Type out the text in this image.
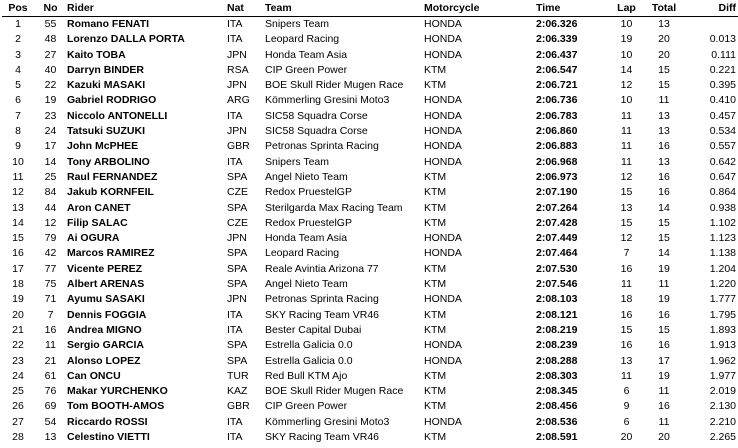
Pos	No	Rider	Nat	Team	Motorcycle	Time	Lap	Total	Diff
1	55	Romano FENATI	ITA	Snipers Team	HONDA	2:06.326	10	13	
2	48	Lorenzo DALLA PORTA	ITA	Leopard Racing	HONDA	2:06.339	19	20	0.013
3	27	Kaito TOBA	JPN	Honda Team Asia	HONDA	2:06.437	10	20	0.111
4	40	Darryn BINDER	RSA	CIP Green Power	KTM	2:06.547	14	15	0.221
5	22	Kazuki MASAKI	JPN	BOE Skull Rider Mugen Race	KTM	2:06.721	12	15	0.395
6	19	Gabriel RODRIGO	ARG	Kömmerling Gresini Moto3	HONDA	2:06.736	10	11	0.410
7	23	Niccolo ANTONELLI	ITA	SIC58 Squadra Corse	HONDA	2:06.783	11	13	0.457
8	24	Tatsuki SUZUKI	JPN	SIC58 Squadra Corse	HONDA	2:06.860	11	13	0.534
9	17	John McPHEE	GBR	Petronas Sprinta Racing	HONDA	2:06.883	11	16	0.557
10	14	Tony ARBOLINO	ITA	Snipers Team	HONDA	2:06.968	11	13	0.642
11	25	Raul FERNANDEZ	SPA	Angel Nieto Team	KTM	2:06.973	12	16	0.647
12	84	Jakub KORNFEIL	CZE	Redox PruestelGP	KTM	2:07.190	15	16	0.864
13	44	Aron CANET	SPA	Sterilgarda Max Racing Team	KTM	2:07.264	13	14	0.938
14	12	Filip SALAC	CZE	Redox PruestelGP	KTM	2:07.428	15	15	1.102
15	79	Ai OGURA	JPN	Honda Team Asia	HONDA	2:07.449	12	15	1.123
16	42	Marcos RAMIREZ	SPA	Leopard Racing	HONDA	2:07.464	7	14	1.138
17	77	Vicente PEREZ	SPA	Reale Avintia Arizona 77	KTM	2:07.530	16	19	1.204
18	75	Albert ARENAS	SPA	Angel Nieto Team	KTM	2:07.546	11	11	1.220
19	71	Ayumu SASAKI	JPN	Petronas Sprinta Racing	HONDA	2:08.103	18	19	1.777
20	7	Dennis FOGGIA	ITA	SKY Racing Team VR46	KTM	2:08.121	16	16	1.795
21	16	Andrea MIGNO	ITA	Bester Capital Dubai	KTM	2:08.219	15	15	1.893
22	11	Sergio GARCIA	SPA	Estrella Galicia 0.0	HONDA	2:08.239	16	16	1.913
23	21	Alonso LOPEZ	SPA	Estrella Galicia 0.0	HONDA	2:08.288	13	17	1.962
24	61	Can ONCU	TUR	Red Bull KTM Ajo	KTM	2:08.303	11	19	1.977
25	76	Makar YURCHENKO	KAZ	BOE Skull Rider Mugen Race	KTM	2:08.345	6	11	2.019
26	69	Tom BOOTH-AMOS	GBR	CIP Green Power	KTM	2:08.456	9	16	2.130
27	54	Riccardo ROSSI	ITA	Kömmerling Gresini Moto3	HONDA	2:08.536	6	11	2.210
28	13	Celestino VIETTI	ITA	SKY Racing Team VR46	KTM	2:08.591	20	20	2.265
